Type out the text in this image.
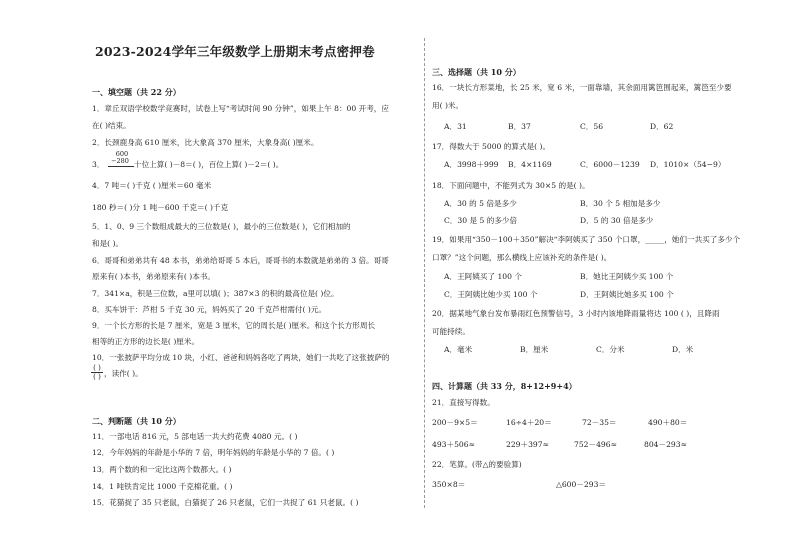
2023-2024学年三年级数学上册期末考点密押卷
一、填空题（共 22 分）
1．章丘双语学校数学竞赛时，试卷上写“考试时间 90 分钟”，如果上午 8：00 开考，应
在( )结束。
2．长颈鹿身高 610 厘米，比大象高 370 厘米，大象身高( )厘米。
3．
600
−280 十位上算( )－8＝( )，百位上算( )－2＝( )。
4．7 吨＝( )千克 ( )厘米＝60 毫米
180 秒＝( )分 1 吨－600 千克＝( )千克
5．1、0、9 三个数组成最大的三位数是( )，最小的三位数是( )，它们相加的
和是( )。
6．哥哥和弟弟共有 48 本书，弟弟给哥哥 5 本后，哥哥书的本数就是弟弟的 3 倍。哥哥
原来有( )本书，弟弟原来有( )本书。
7．341×a，积是三位数，a里可以填( )；387×3 的积的最高位是( )位。
8．买车饼干：芦柑 5 千克 30 元，妈妈买了 20 千克芦柑需付( )元。
9．一个长方形的长是 7 厘米，宽是 3 厘米，它的周长是( )厘米。和这个长方形周长
相等的正方形的边长是( )厘米。
10．一张披萨平均分成 10 块，小红、爸爸和妈妈各吃了两块，她们一共吃了这张披萨的
( )
( ) ，读作( )。
二、判断题（共 10 分）
11．一部电话 816 元，5 部电话一共大约花费 4080 元。( )
12．今年妈妈的年龄是小华的 7 倍，明年妈妈的年龄是小华的 7 倍。( )
13．两个数的和一定比这两个数都大。( )
14．1 吨铁肯定比 1000 千克棉花重。( )
15．花猫捉了 35 只老鼠，白猫捉了 26 只老鼠，它们一共捉了 61 只老鼠。( )
三、选择题（共 10 分）
16．一块长方形菜地，长 25 米，宽 6 米，一面靠墙，其余面用篱笆围起来，篱笆至少要
用( )米。
A．31	B．37	C．56	D．62
17．得数大于 5000 的算式是( )。
A．3998＋999 B．4×1169	C．6000－1239 D．1010×（54−9）
18．下面问题中，不能列式为 30×5 的是( )。
A．30 的 5 倍是多少	B．30 个 5 相加是多少
C．30 是 5 的多少倍	D．5 的 30 倍是多少
19．如果用“350－100＋350”解决“李阿姨买了 350 个口罩，_____，她们一共买了多少个
口罩？”这个问题，那么横线上应该补充的条件是( )。
A．王阿姨买了 100 个	B．她比王阿姨少买 100 个
C．王阿姨比她少买 100 个	D．王阿姨比她多买 100 个
20．据某地气象台发布暴雨红色预警信号，3 小时内该地降雨量将达 100 ( )，且降雨
可能持续。
A．毫米	B．厘米	C．分米	D．米
四、计算题（共 33 分，8+12+9+4）
21．直接写得数。
200－9×5＝	16÷4＋20＝	72－35＝	490＋80＝
493＋506≈	229＋397≈	752－496≈	804－293≈
22．笔算。(带△的要验算)
350×8＝	△600－293＝
